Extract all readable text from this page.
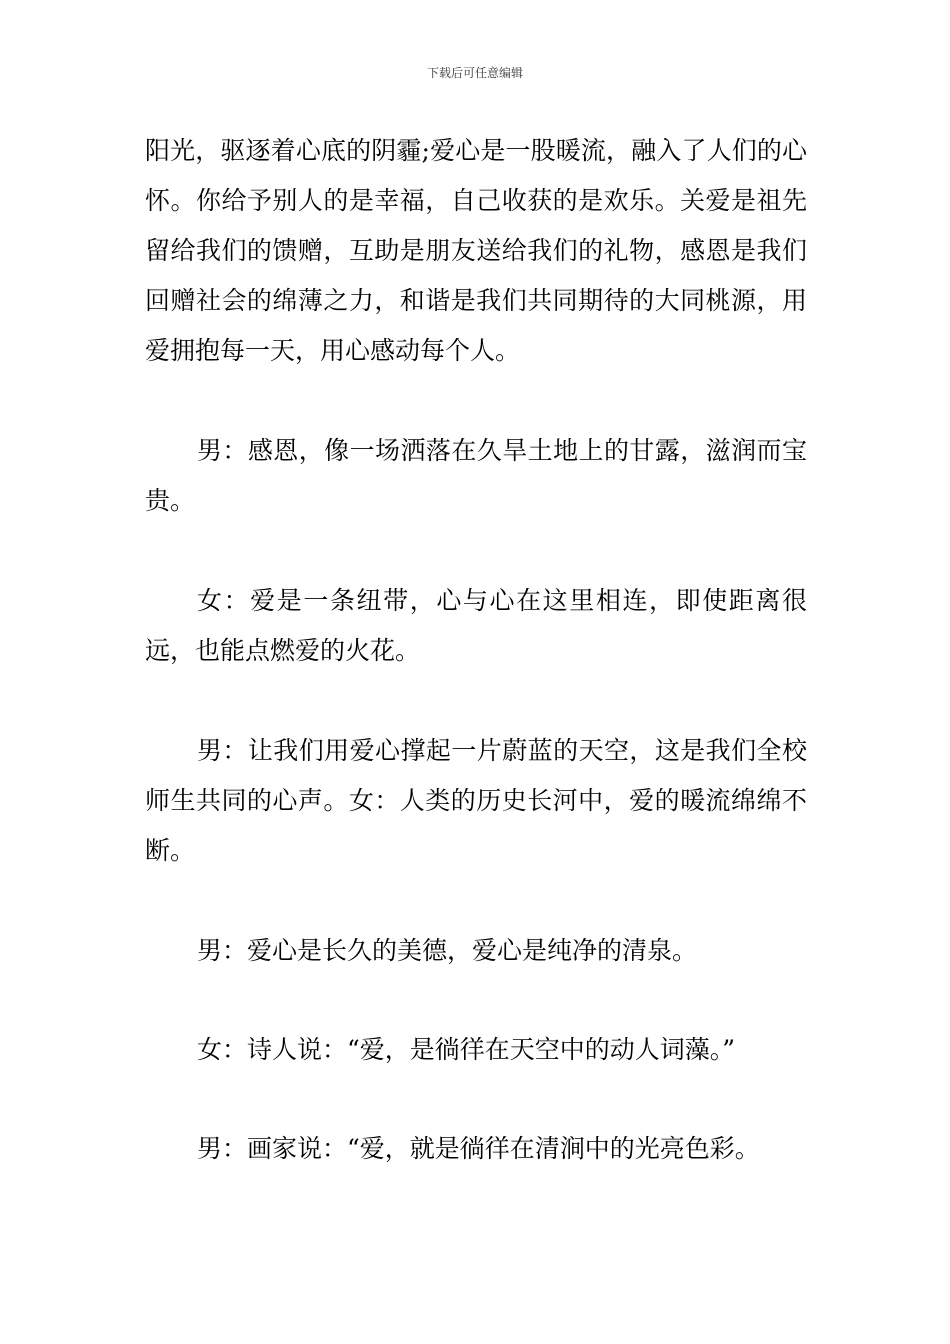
下载后可任意编辑

阳光，驱逐着心底的阴霾;爱心是一股暖流，融入了人们的心怀。你给予别人的是幸福，自己收获的是欢乐。关爱是祖先留给我们的馈赠，互助是朋友送给我们的礼物，感恩是我们回赠社会的绵薄之力，和谐是我们共同期待的大同桃源，用爱拥抱每一天，用心感动每个人。

男：感恩，像一场洒落在久旱土地上的甘露，滋润而宝贵。

女：爱是一条纽带，心与心在这里相连，即使距离很远，也能点燃爱的火花。

男：让我们用爱心撑起一片蔚蓝的天空，这是我们全校师生共同的心声。女：人类的历史长河中，爱的暖流绵绵不断。

男：爱心是长久的美德，爱心是纯净的清泉。

女：诗人说：“爱，是徜徉在天空中的动人词藻。”

男：画家说：“爱，就是徜徉在清涧中的光亮色彩。
